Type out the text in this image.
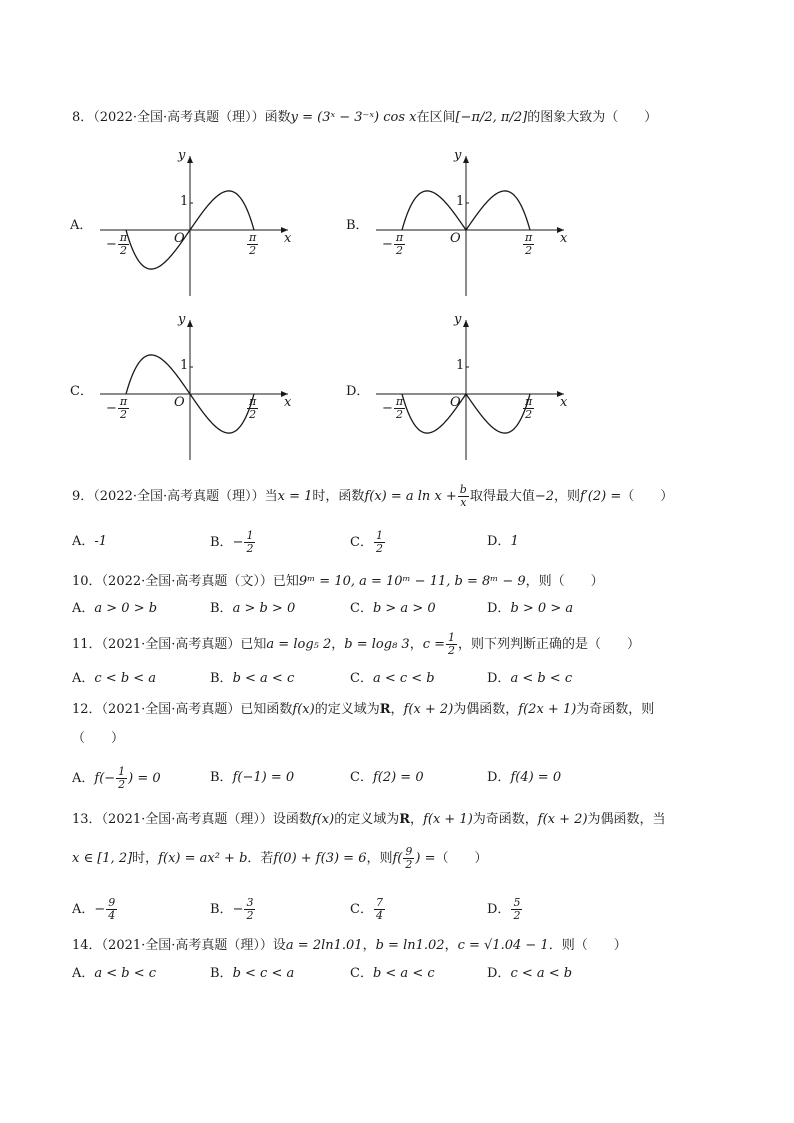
8．（2022·全国·高考真题（理））函数y = (3ˣ − 3⁻ˣ) cos x在区间[−π/2, π/2]的图象大致为（　　）
A．
y
x
O
1
− $\frac{\pi}{2}$	$\frac{\pi}{2}$
B．
y
x
O
1
− $\frac{\pi}{2}$	$\frac{\pi}{2}$
C．
y
x
O
1
− $\frac{\pi}{2}$	$\frac{\pi}{2}$
D．
y
x
O
1
− $\frac{\pi}{2}$	$\frac{\pi}{2}$
9．（2022·全国·高考真题（理））当x = 1时，函数f(x) = a $\ln x + \frac{b}{x}$ 取得最大值−2，则f′(2) =（　　）
A．-1	B．− $\frac{1}{2}$	C． $\frac{1}{2}$	D．1
10．（2022·全国·高考真题（文））已知9ᵐ = 10, a = 10ᵐ − 11, b = 8ᵐ − 9，则（　　）
A．a > 0 > b	B．a > b > 0	C．b > a > 0	D．b > 0 > a
11．（2021·全国·高考真题）已知a = log₅ 2，b = log₈ 3，$c = \frac{1}{2}$ ，则下列判断正确的是（　　）
A．c < b < a	B．b < a < c	C．a < c < b	D．a < b < c
12．（2021·全国·高考真题）已知函数f(x)的定义域为R，f(x + 2)为偶函数，f(2x + 1)为奇函数，则
（　　）
A．$f(- \frac{1}{2}$ ) = 0	B．f(−1) = 0	C．f(2) = 0	D．f(4) = 0
13．（2021·全国·高考真题（理））设函数f(x)的定义域为R，f(x + 1)为奇函数，f(x + 2)为偶函数，当
x ∈ [1, 2]时，f(x) = ax² + b．若f(0) + f(3) = 6，则$f( \frac{9}{2}$ ) =（　　）
A．− $\frac{9}{4}$	B．− $\frac{3}{2}$	C． $\frac{7}{4}$	D． $\frac{5}{2}$
14．（2021·全国·高考真题（理））设a = 2ln1.01，b = ln1.02，c = √1.04 − 1．则（　　）
A．a < b < c	B．b < c < a	C．b < a < c	D．c < a < b
